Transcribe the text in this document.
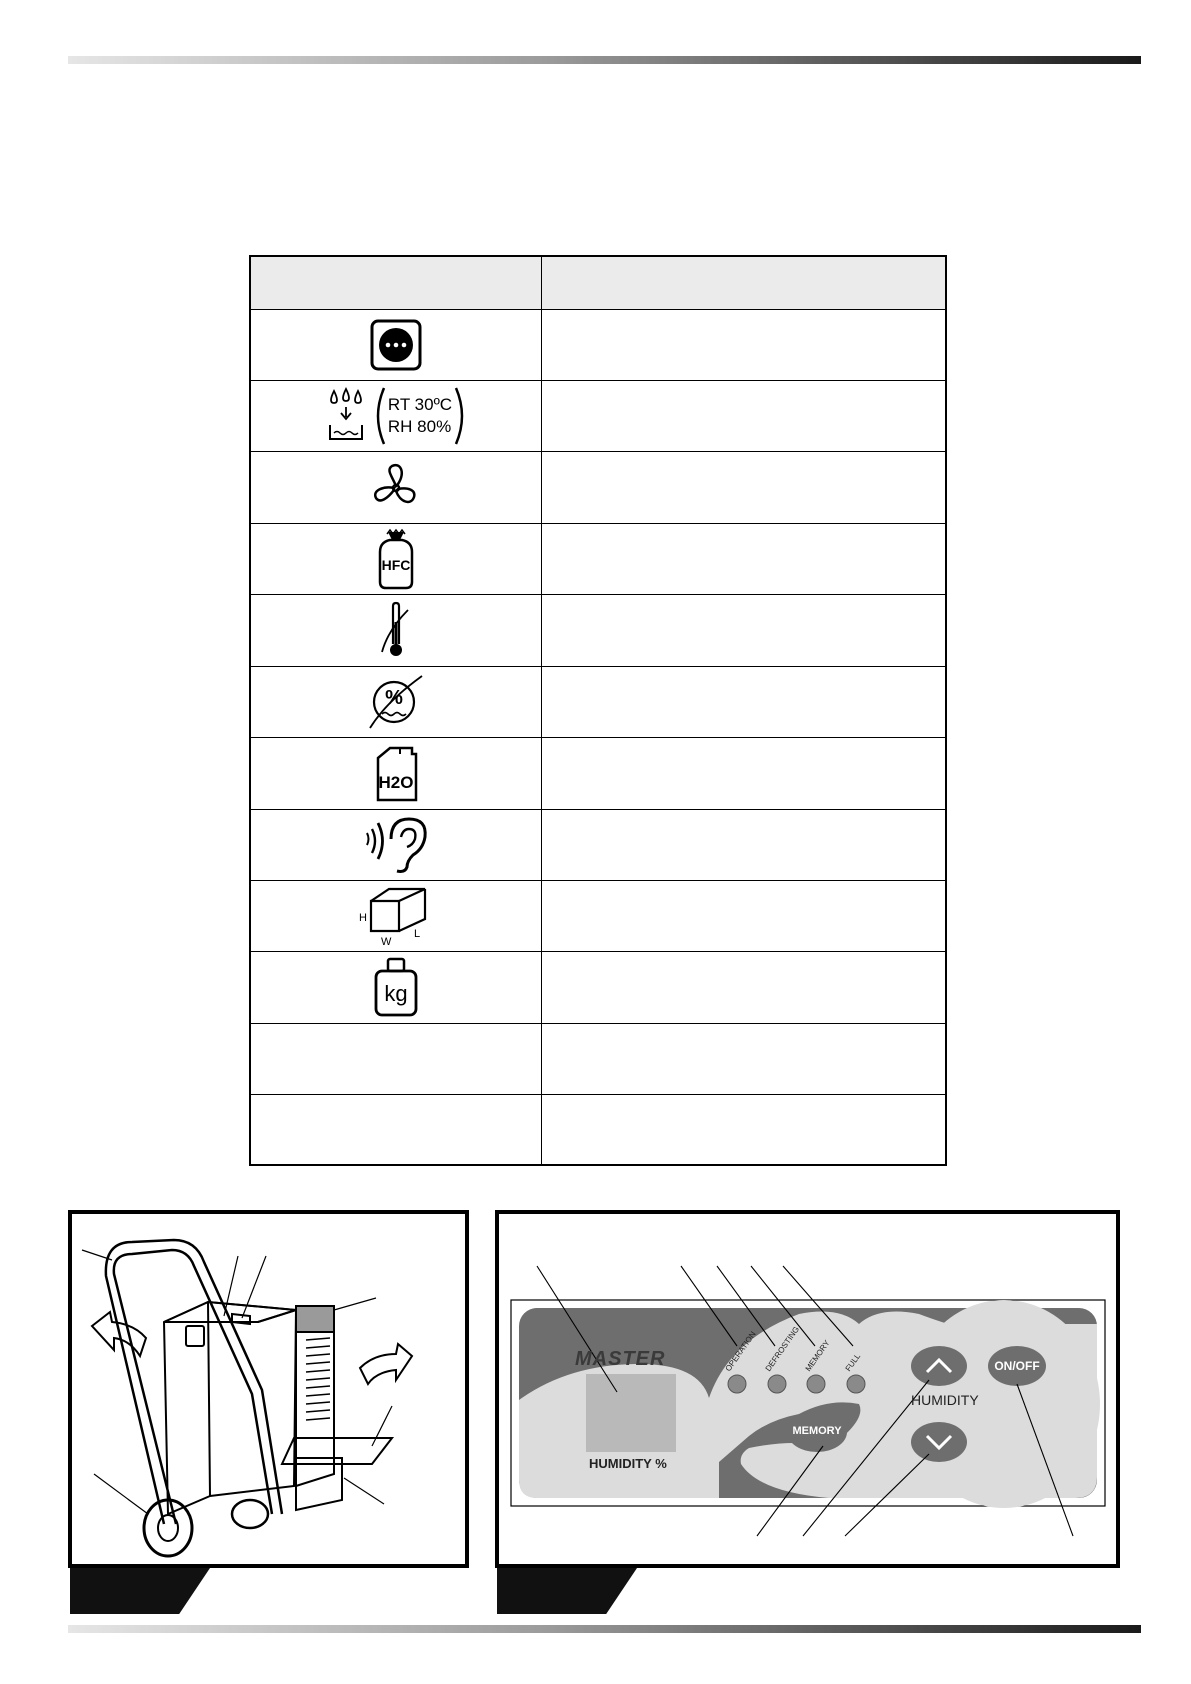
RT 30ºC
RH 80%
HFC
%
H2O
H
W
L
kg
MASTER
HUMIDITY %
HUMIDITY
MEMORY
ON/OFF
OPERATION DEFROSTING MEMORY FULL
